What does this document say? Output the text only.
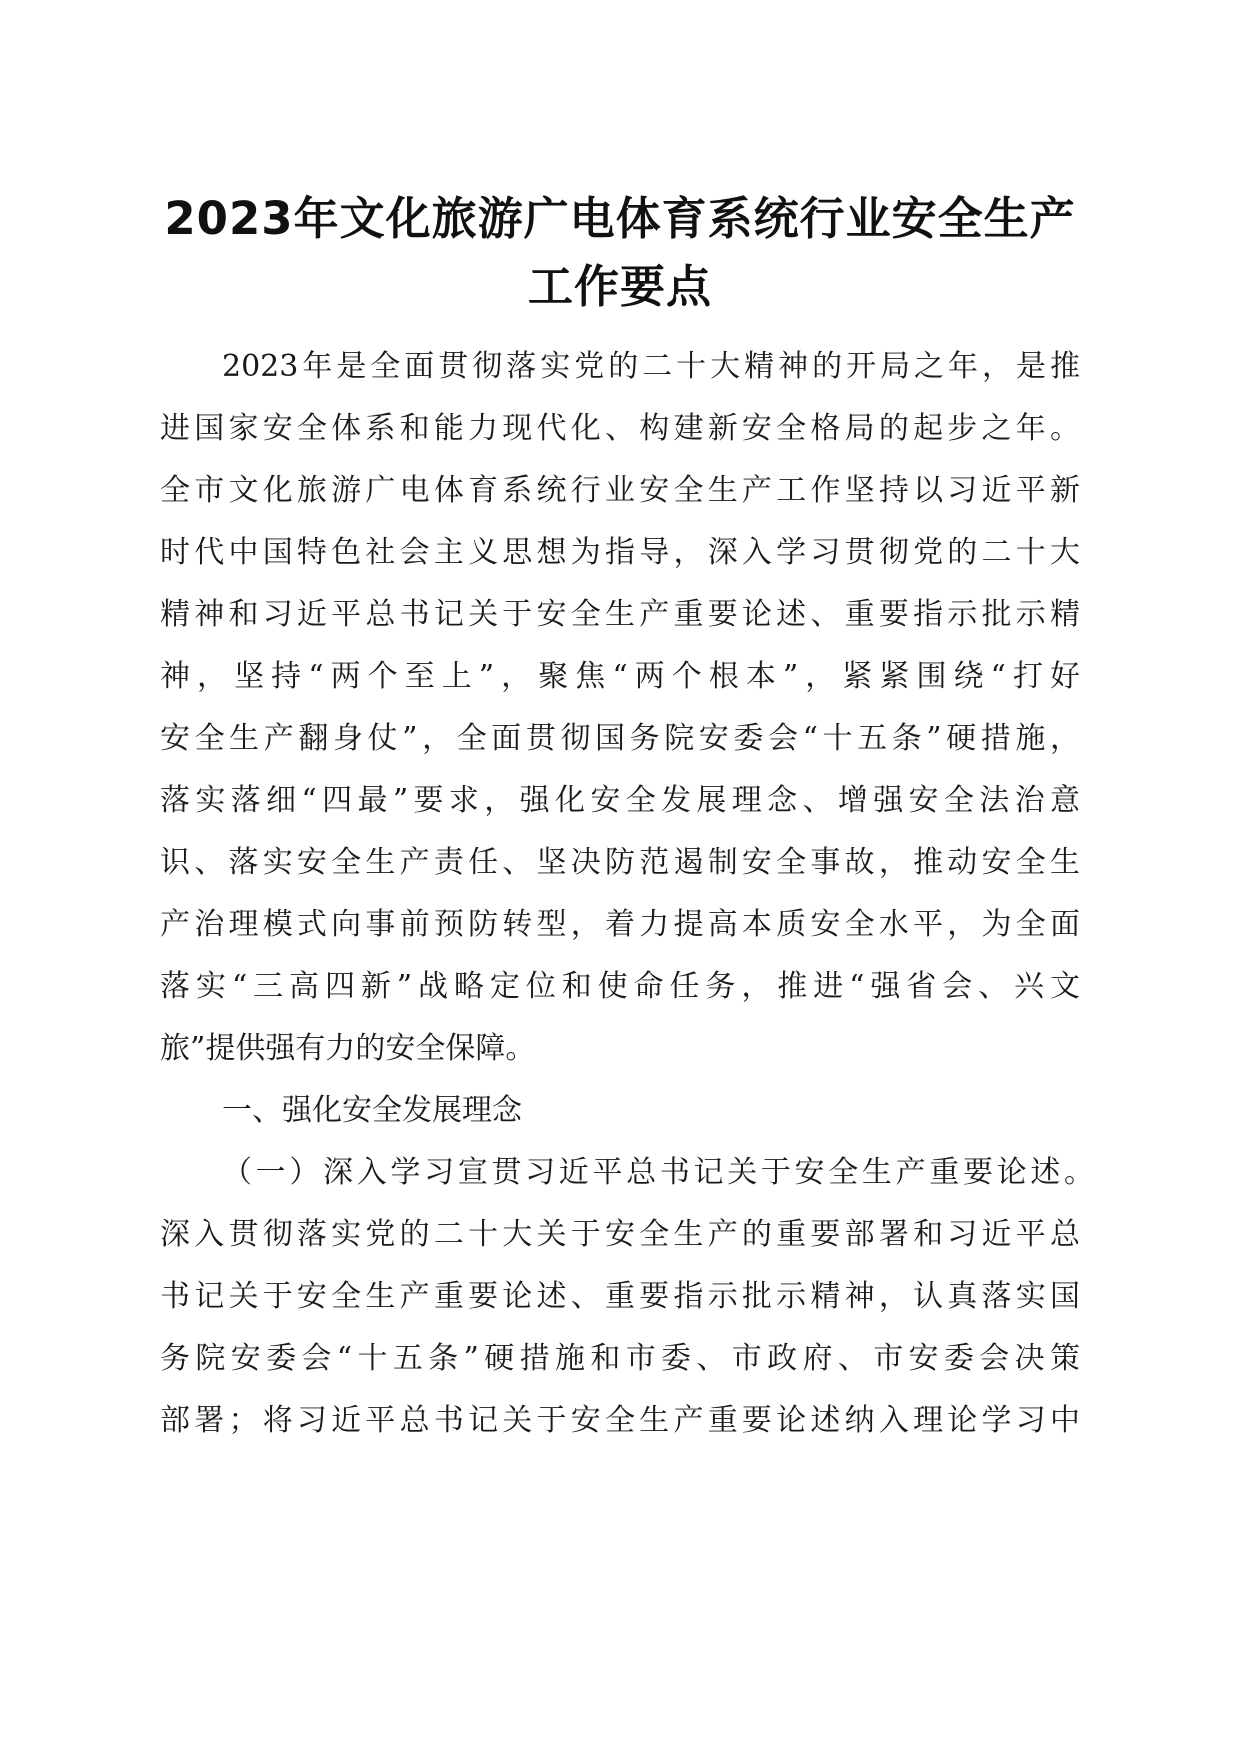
2023年文化旅游广电体育系统行业安全生产
工作要点
2023年是全面贯彻落实党的二十大精神的开局之年，是推
进国家安全体系和能力现代化、构建新安全格局的起步之年。
全市文化旅游广电体育系统行业安全生产工作坚持以习近平新
时代中国特色社会主义思想为指导，深入学习贯彻党的二十大
精神和习近平总书记关于安全生产重要论述、重要指示批示精
神，坚持“两个至上”，聚焦“两个根本”，紧紧围绕“打好
安全生产翻身仗”，全面贯彻国务院安委会“十五条”硬措施，
落实落细“四最”要求，强化安全发展理念、增强安全法治意
识、落实安全生产责任、坚决防范遏制安全事故，推动安全生
产治理模式向事前预防转型，着力提高本质安全水平，为全面
落实“三高四新”战略定位和使命任务，推进“强省会、兴文
旅”提供强有力的安全保障。
一、强化安全发展理念
（一）深入学习宣贯习近平总书记关于安全生产重要论述。
深入贯彻落实党的二十大关于安全生产的重要部署和习近平总
书记关于安全生产重要论述、重要指示批示精神，认真落实国
务院安委会“十五条”硬措施和市委、市政府、市安委会决策
部署；将习近平总书记关于安全生产重要论述纳入理论学习中
